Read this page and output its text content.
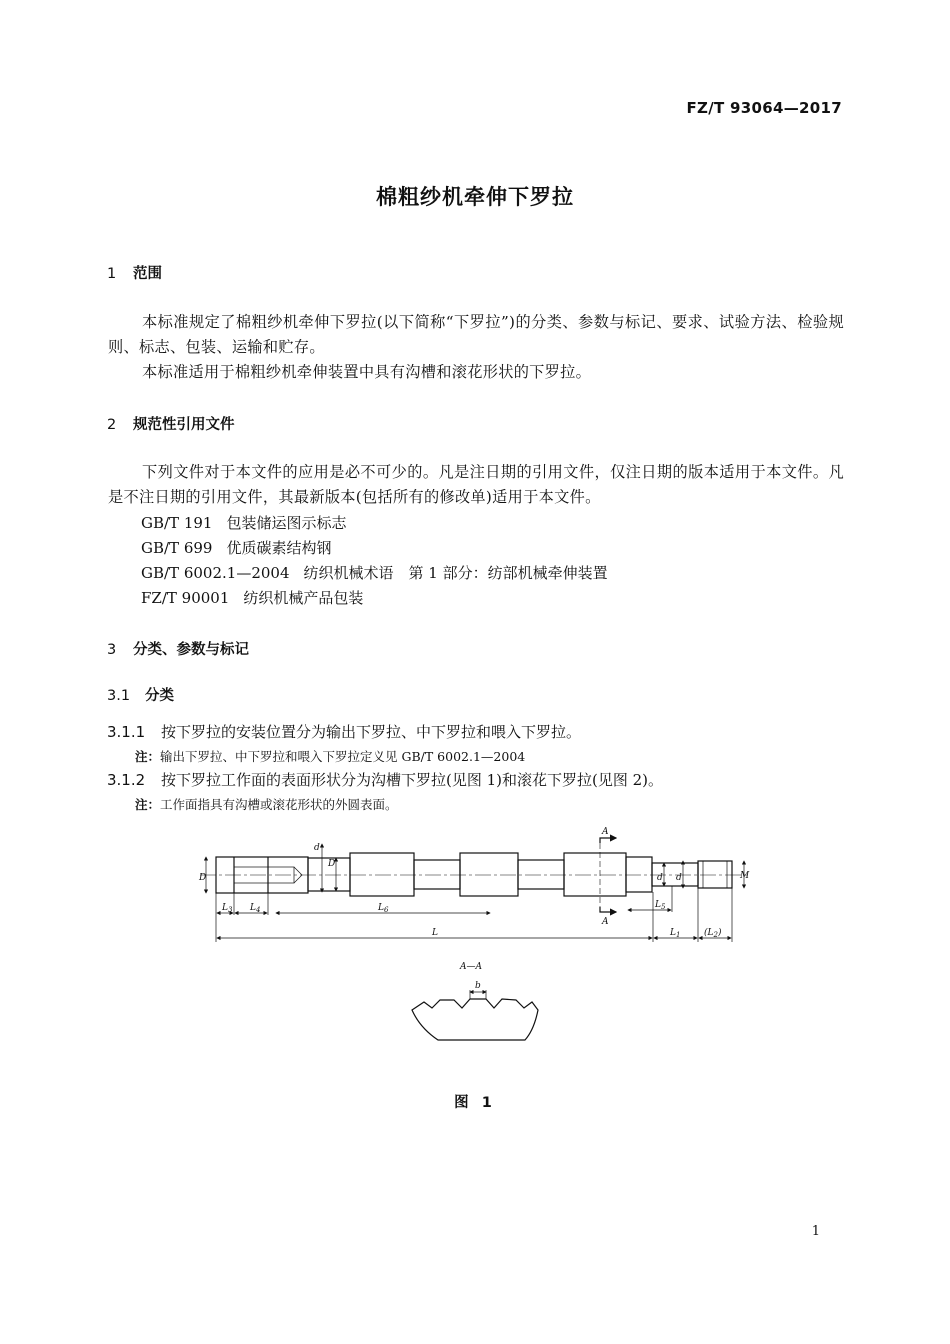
FZ/T 93064—2017
棉粗纱机牵伸下罗拉
1 范围
本标准规定了棉粗纱机牵伸下罗拉(以下简称“下罗拉”)的分类、参数与标记、要求、试验方法、检验规则、标志、包装、运输和贮存。
本标准适用于棉粗纱机牵伸装置中具有沟槽和滚花形状的下罗拉。
2 规范性引用文件
下列文件对于本文件的应用是必不可少的。凡是注日期的引用文件，仅注日期的版本适用于本文件。凡是不注日期的引用文件，其最新版本(包括所有的修改单)适用于本文件。
GB/T 191 包装储运图示标志
GB/T 699 优质碳素结构钢
GB/T 6002.1—2004 纺织机械术语　第 1 部分：纺部机械牵伸装置
FZ/T 90001 纺织机械产品包装
3 分类、参数与标记
3.1 分类
3.1.1 按下罗拉的安装位置分为输出下罗拉、中下罗拉和喂入下罗拉。
注：输出下罗拉、中下罗拉和喂入下罗拉定义见 GB/T 6002.1—2004
3.1.2 按下罗拉工作面的表面形状分为沟槽下罗拉(见图 1)和滚花下罗拉(见图 2)。
注：工作面指具有沟槽或滚花形状的外圆表面。
D
d
D
d d	M
$L_3$ $L_4$	$L_6$	$L_5$
L	$L_1$	$(L_2)$
A
A
A—A
b
图 1
1
